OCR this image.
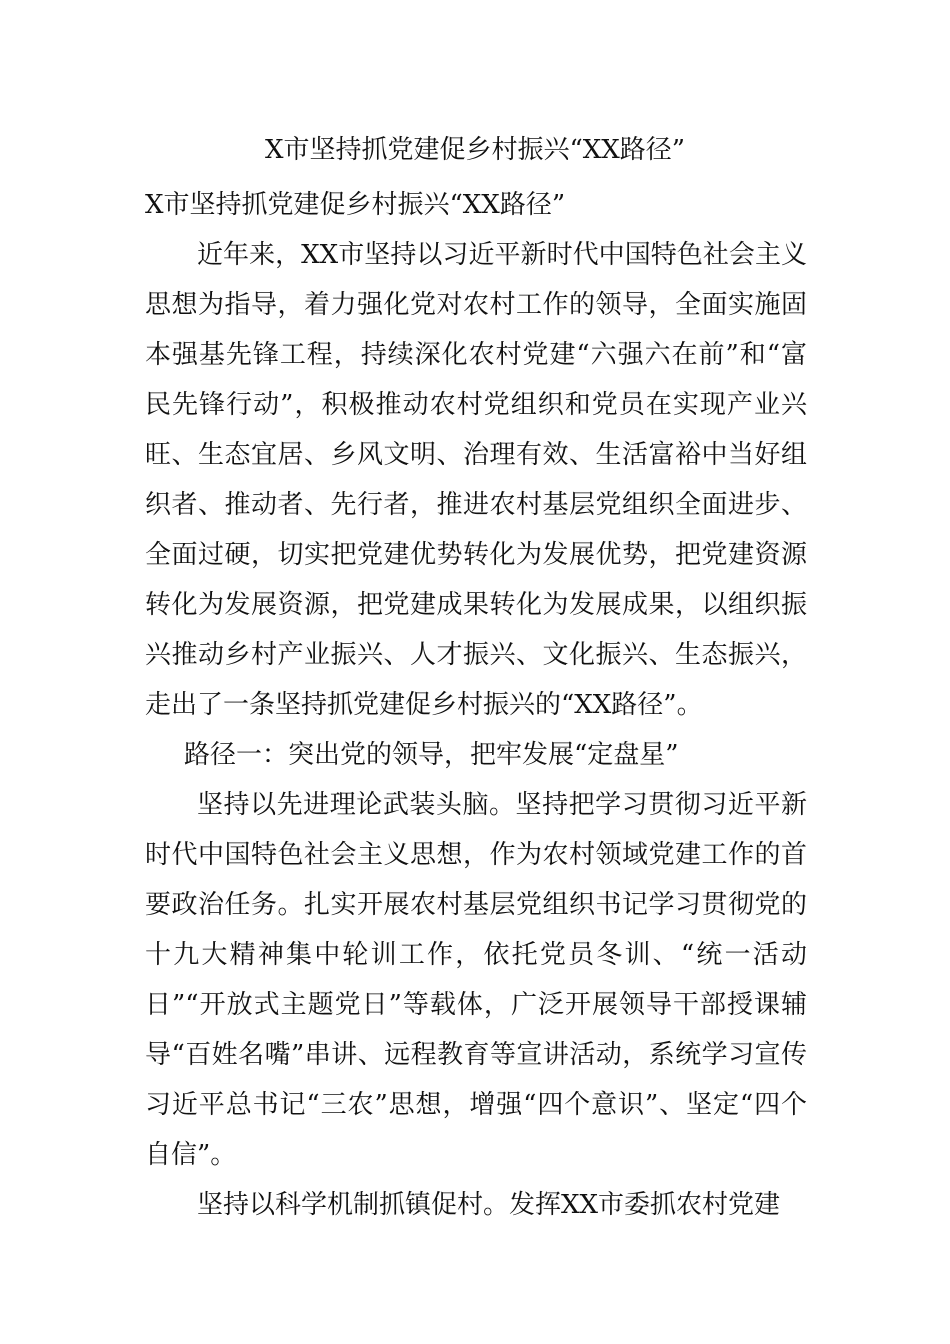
X市坚持抓党建促乡村振兴“XX路径”

X市坚持抓党建促乡村振兴“XX路径”

近年来，XX市坚持以习近平新时代中国特色社会主义思想为指导，着力强化党对农村工作的领导，全面实施固本强基先锋工程，持续深化农村党建“六强六在前”和“富民先锋行动”，积极推动农村党组织和党员在实现产业兴旺、生态宜居、乡风文明、治理有效、生活富裕中当好组织者、推动者、先行者，推进农村基层党组织全面进步、全面过硬，切实把党建优势转化为发展优势，把党建资源转化为发展资源，把党建成果转化为发展成果，以组织振兴推动乡村产业振兴、人才振兴、文化振兴、生态振兴，走出了一条坚持抓党建促乡村振兴的“XX路径”。

路径一：突出党的领导，把牢发展“定盘星”

坚持以先进理论武装头脑。坚持把学习贯彻习近平新时代中国特色社会主义思想，作为农村领域党建工作的首要政治任务。扎实开展农村基层党组织书记学习贯彻党的十九大精神集中轮训工作，依托党员冬训、“统一活动日”“开放式主题党日”等载体，广泛开展领导干部授课辅导“百姓名嘴”串讲、远程教育等宣讲活动，系统学习宣传习近平总书记“三农”思想，增强“四个意识”、坚定“四个自信”。

坚持以科学机制抓镇促村。发挥XX市委抓农村党建
